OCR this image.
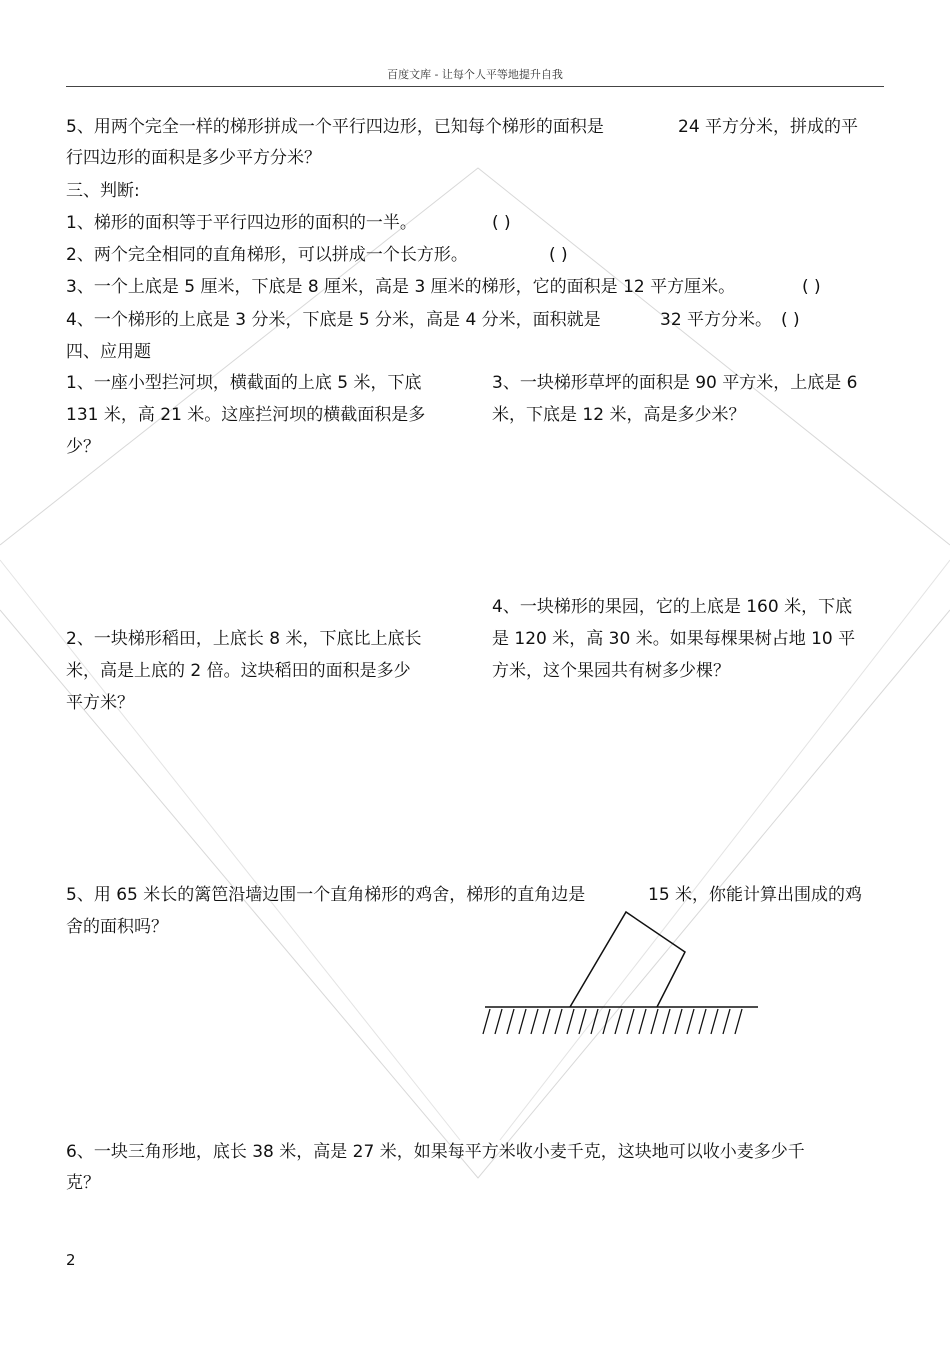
百度文库 - 让每个人平等地提升自我
5、用两个完全一样的梯形拼成一个平行四边形，已知每个梯形的面积是	24 平方分米，拼成的平
行四边形的面积是多少平方分米？
三、判断:
1、梯形的面积等于平行四边形的面积的一半。	( )
2、两个完全相同的直角梯形，可以拼成一个长方形。	( )
3、一个上底是 5 厘米，下底是 8 厘米，高是 3 厘米的梯形，它的面积是 12 平方厘米。	( )
4、一个梯形的上底是 3 分米，下底是 5 分米，高是 4 分米，面积就是	32 平方分米。 ( )
四、应用题
1、一座小型拦河坝，横截面的上底 5 米，下底
131 米，高 21 米。这座拦河坝的横截面积是多
少？
3、一块梯形草坪的面积是 90 平方米，上底是 6
米，下底是 12 米，高是多少米？
4、一块梯形的果园，它的上底是 160 米，下底
是 120 米，高 30 米。如果每棵果树占地 10 平
方米，这个果园共有树多少棵？
2、一块梯形稻田，上底长 8 米，下底比上底长
米，高是上底的 2 倍。这块稻田的面积是多少
平方米？
5、用 65 米长的篱笆沿墙边围一个直角梯形的鸡舍，梯形的直角边是	15 米，你能计算出围成的鸡
舍的面积吗？
6、一块三角形地，底长 38 米，高是 27 米，如果每平方米收小麦千克，这块地可以收小麦多少千
克？
2
